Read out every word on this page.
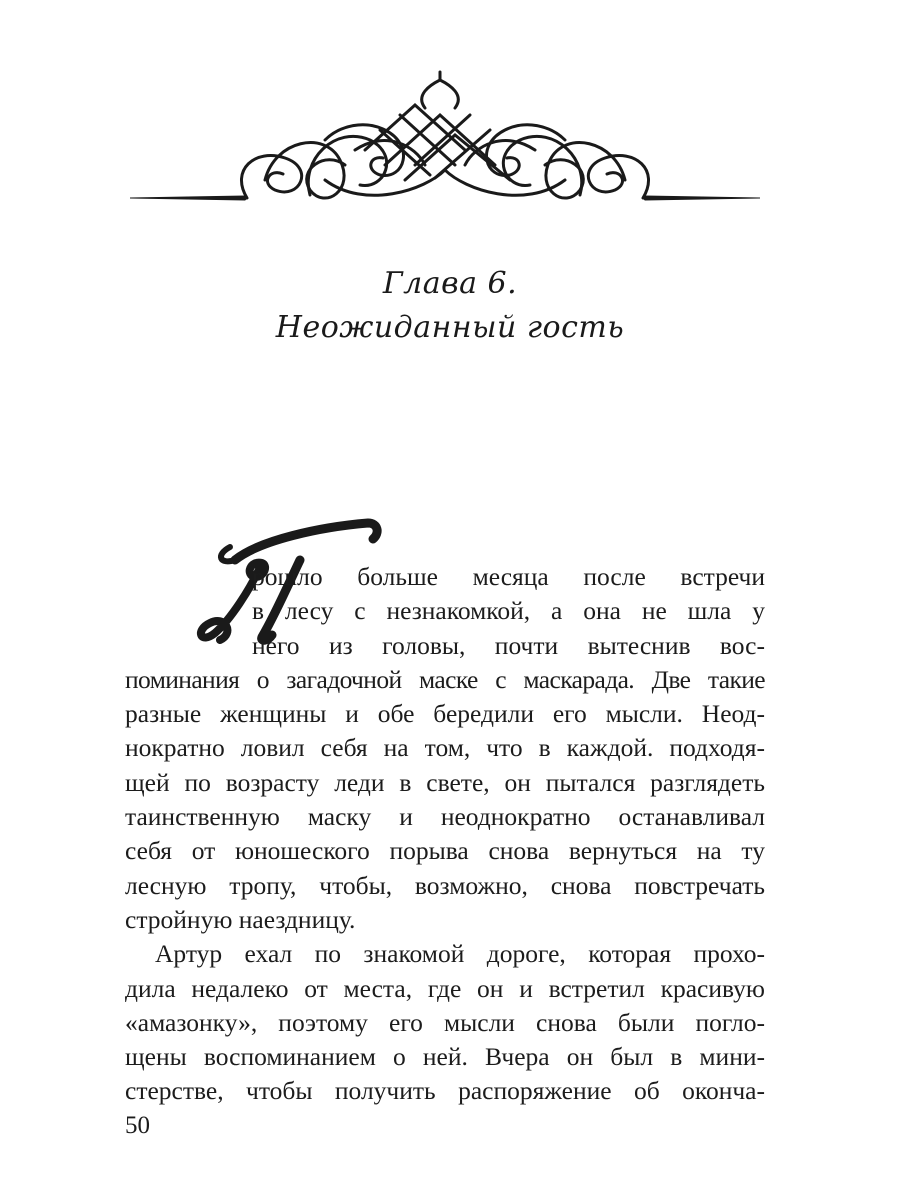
Глава 6.
Неожиданный гость
рошло больше месяца после встречи
в лесу с незнакомкой, а она не шла у
него из головы, почти вытеснив вос-
поминания о загадочной маске с маскарада. Две такие
разные женщины и обе бередили его мысли. Неод-
нократно ловил себя на том, что в каждой. подходя-
щей по возрасту леди в свете, он пытался разглядеть
таинственную маску и неоднократно останавливал
себя от юношеского порыва снова вернуться на ту
лесную тропу, чтобы, возможно, снова повстречать
стройную наездницу.
Артур ехал по знакомой дороге, которая прохо-
дила недалеко от места, где он и встретил красивую
«амазонку», поэтому его мысли снова были погло-
щены воспоминанием о ней. Вчера он был в мини-
стерстве, чтобы получить распоряжение об оконча-
50
